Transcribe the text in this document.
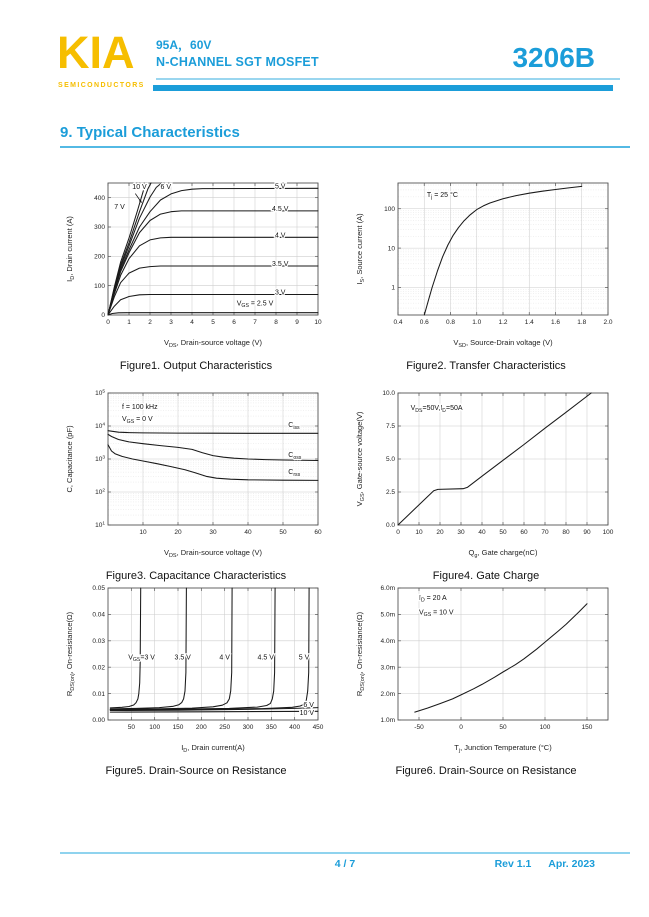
KIA
SEMICONDUCTORS
95A，60V
N-CHANNEL SGT MOSFET	3206B
9. Typical Characteristics
0	1	2	3	4	5	6	7	8	9 10
0
100
200
300
400
$V_{DS}$, Drain-source voltage (V)
$I_D$, Drain current (A)
10 V 6 V
7 V
5 V
4.5 V
4 V
3.5 V
3 V
$V_{GS} = 2.5$ V
Figure1. Output Characteristics
0.4	0.6	0.8	1.0	1.2	1.4	1.6	1.8	2.0
1
10
100
$V_{SD}$, Source-Drain voltage (V)
$I_S$, Source current (A)
$T_j = 25$ °C
Figure2. Transfer Characteristics
10	20	30	40	50	60
$10^1$
$10^2$
$10^3$
$10^4$
$10^5$
$V_{DS}$, Drain-source voltage (V)
C, Capacitance (pF)
f = 100 kHz
$V_{GS} = 0$ V
$C_{iss}$
$C_{oss}$
$C_{rss}$
Figure3. Capacitance Characteristics
0 10 20 30 40 50 60 70 80 90 100
0.0
2.5
5.0
7.5
10.0
$Q_g$, Gate charge(nC)
$V_{GS}$, Gate-source voltage(V)
$V_{DS}=50V,I_D=50A$
Figure4. Gate Charge
50 100 150 200 250 300 350 400 450
0.00
0.01
0.02
0.03
0.04
0.05
$I_D$, Drain current(A)
$R_{DS(on)}$, On-resistance(Ω)	$V_{GS}=3$ V	3.5 V	4 V	4.5 V	5 V
6 V
10 V
Figure5. Drain-Source on Resistance
-50	0	50	100	150
1.0m
2.0m
3.0m
4.0m
5.0m
6.0m
$T_j$, Junction Temperature (°C)
$R_{DS(on)}$, On-resistance(Ω)
$I_D = 20$ A
$V_{GS} = 10$ V
Figure6. Drain-Source on Resistance
4 / 7	Rev 1.1 Apr. 2023
